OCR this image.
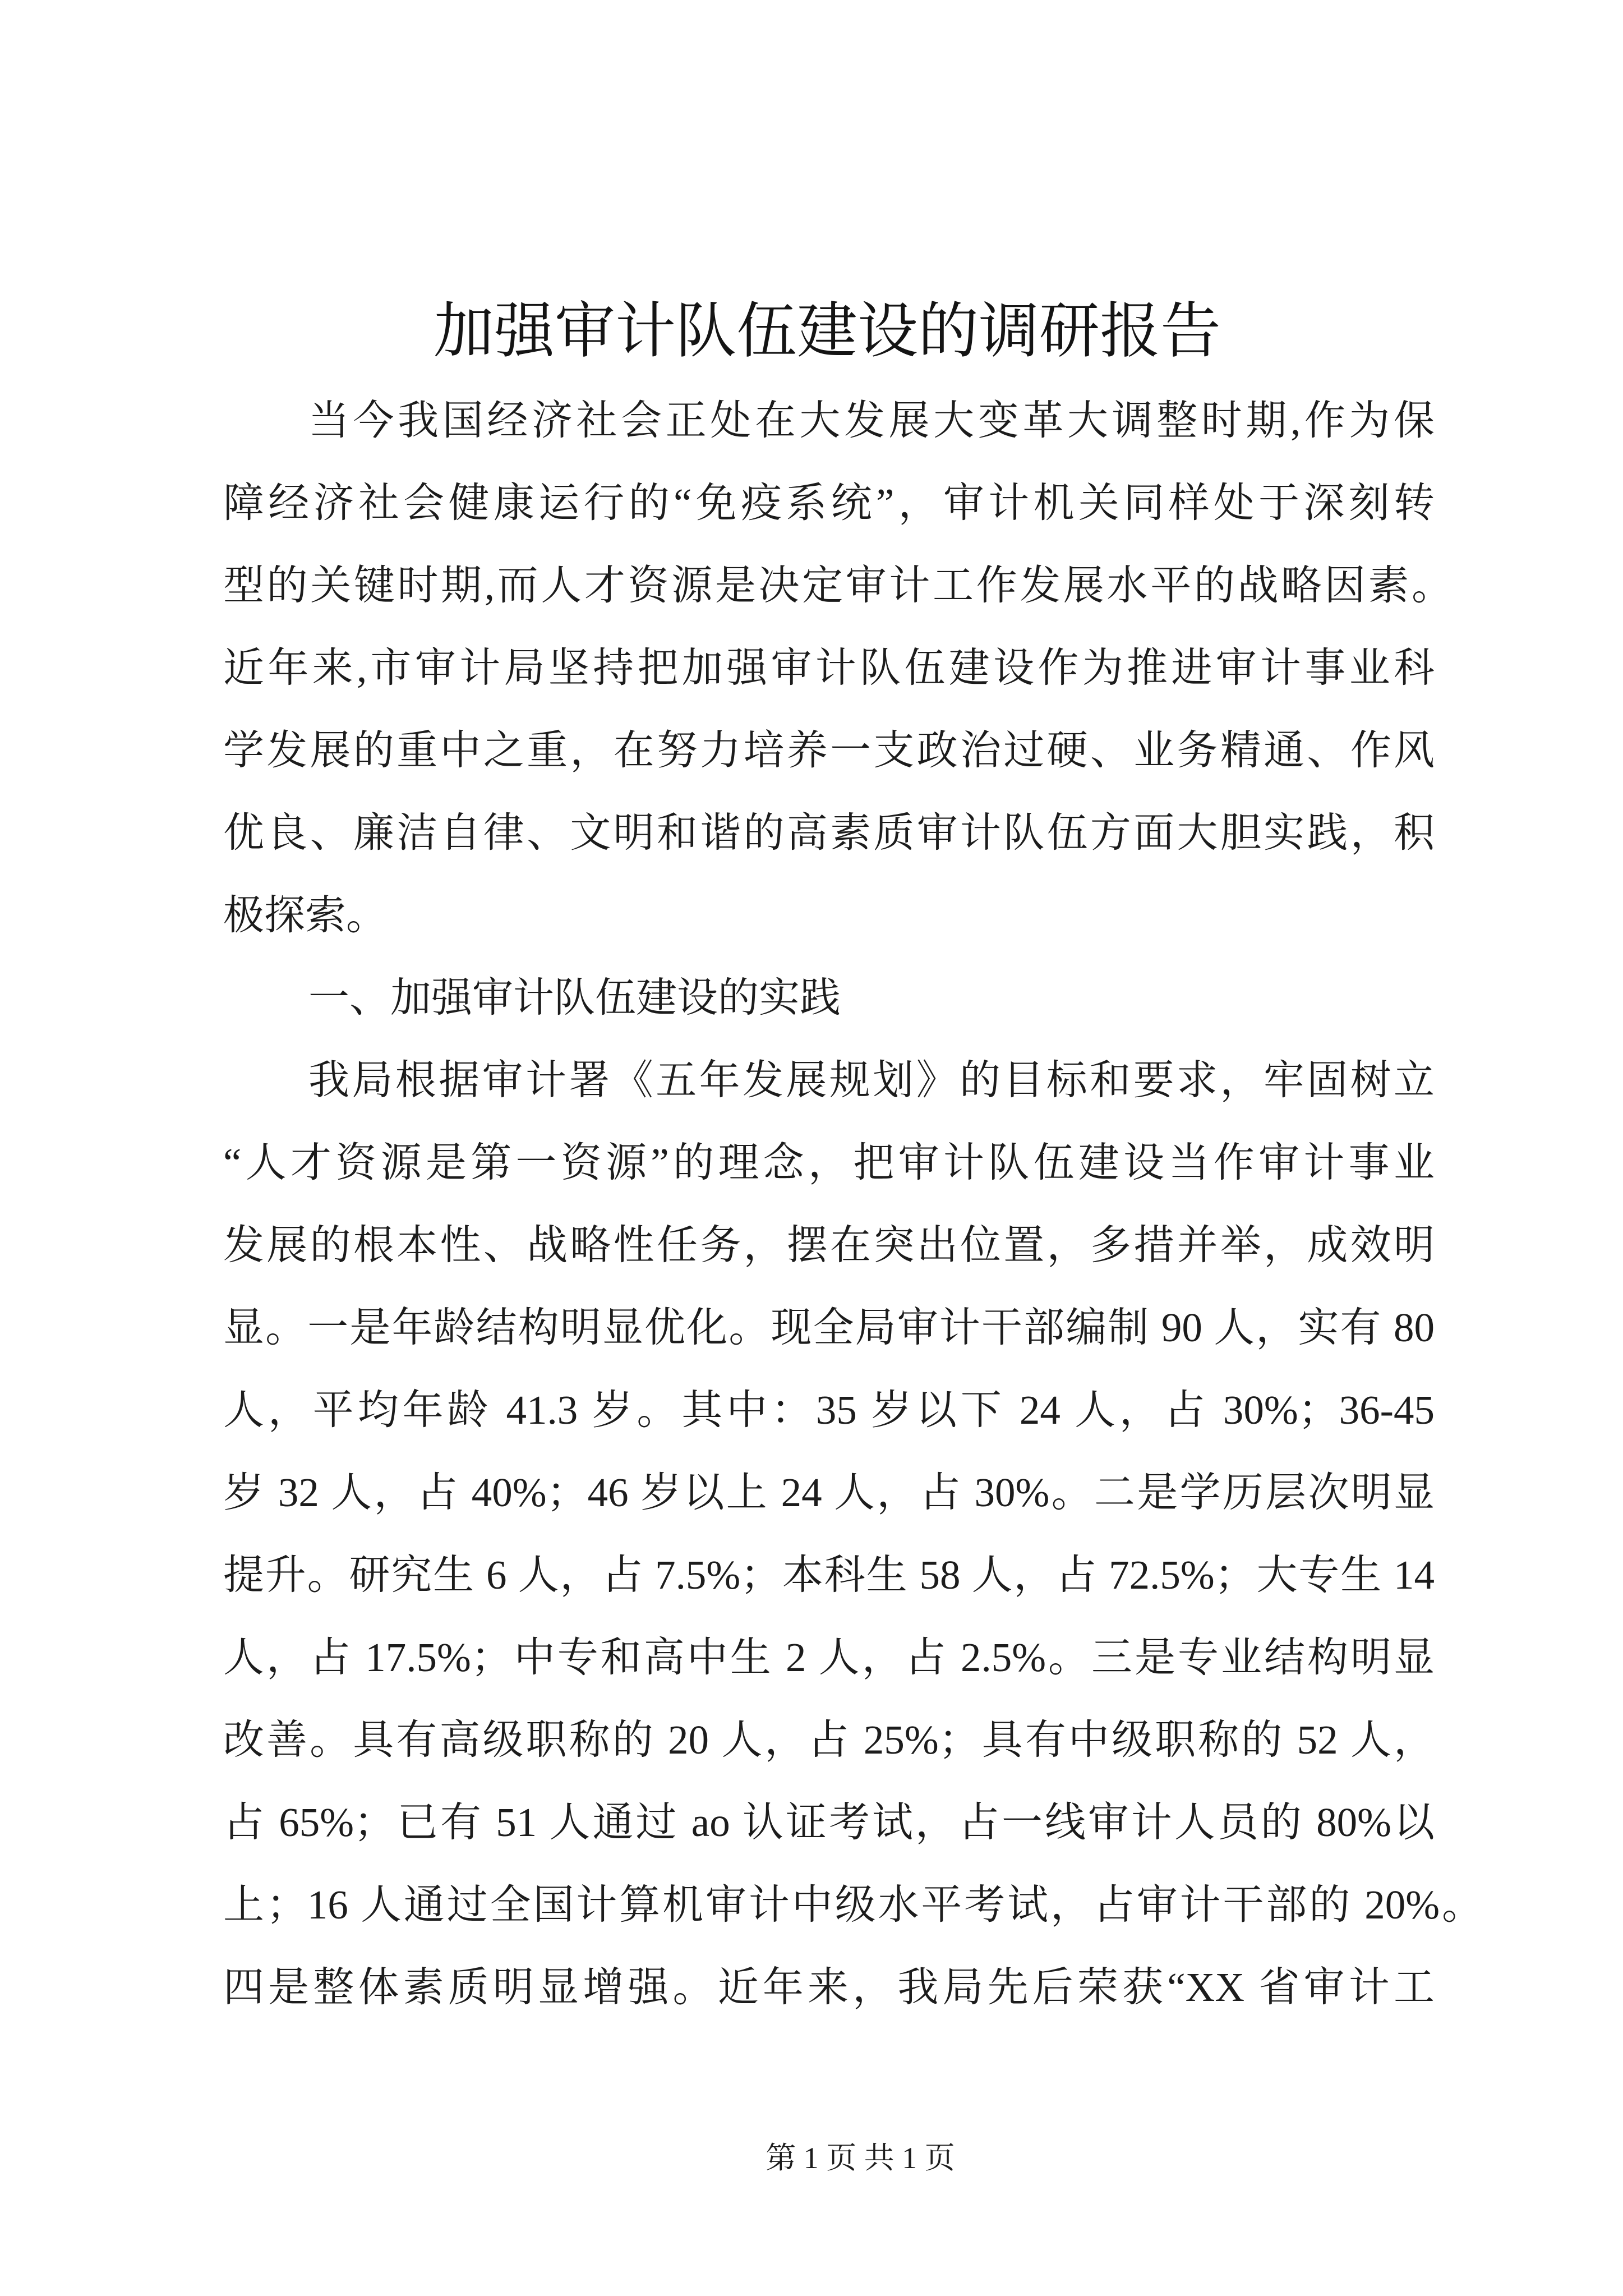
加强审计队伍建设的调研报告
当今我国经济社会正处在大发展大变革大调整时期,作为保
障经济社会健康运行的“免疫系统”，审计机关同样处于深刻转
型的关键时期,而人才资源是决定审计工作发展水平的战略因素。
近年来,市审计局坚持把加强审计队伍建设作为推进审计事业科
学发展的重中之重，在努力培养一支政治过硬、业务精通、作风
优良、廉洁自律、文明和谐的高素质审计队伍方面大胆实践，积
极探索。
一、加强审计队伍建设的实践
我局根据审计署《五年发展规划》的目标和要求，牢固树立
“人才资源是第一资源”的理念，把审计队伍建设当作审计事业
发展的根本性、战略性任务，摆在突出位置，多措并举，成效明
显。一是年龄结构明显优化。现全局审计干部编制 90 人，实有 80
人，平均年龄 41.3 岁。其中：35 岁以下 24 人，占 30%；36-45
岁 32 人，占 40%；46 岁以上 24 人，占 30%。二是学历层次明显
提升。研究生 6 人，占 7.5%；本科生 58 人，占 72.5%；大专生 14
人，占 17.5%；中专和高中生 2 人，占 2.5%。三是专业结构明显
改善。具有高级职称的 20 人，占 25%；具有中级职称的 52 人，
占 65%；已有 51 人通过 ao 认证考试，占一线审计人员的 80%以
上；16 人通过全国计算机审计中级水平考试，占审计干部的 20%。
四是整体素质明显增强。近年来，我局先后荣获“XX 省审计工
第 1 页 共 1 页
